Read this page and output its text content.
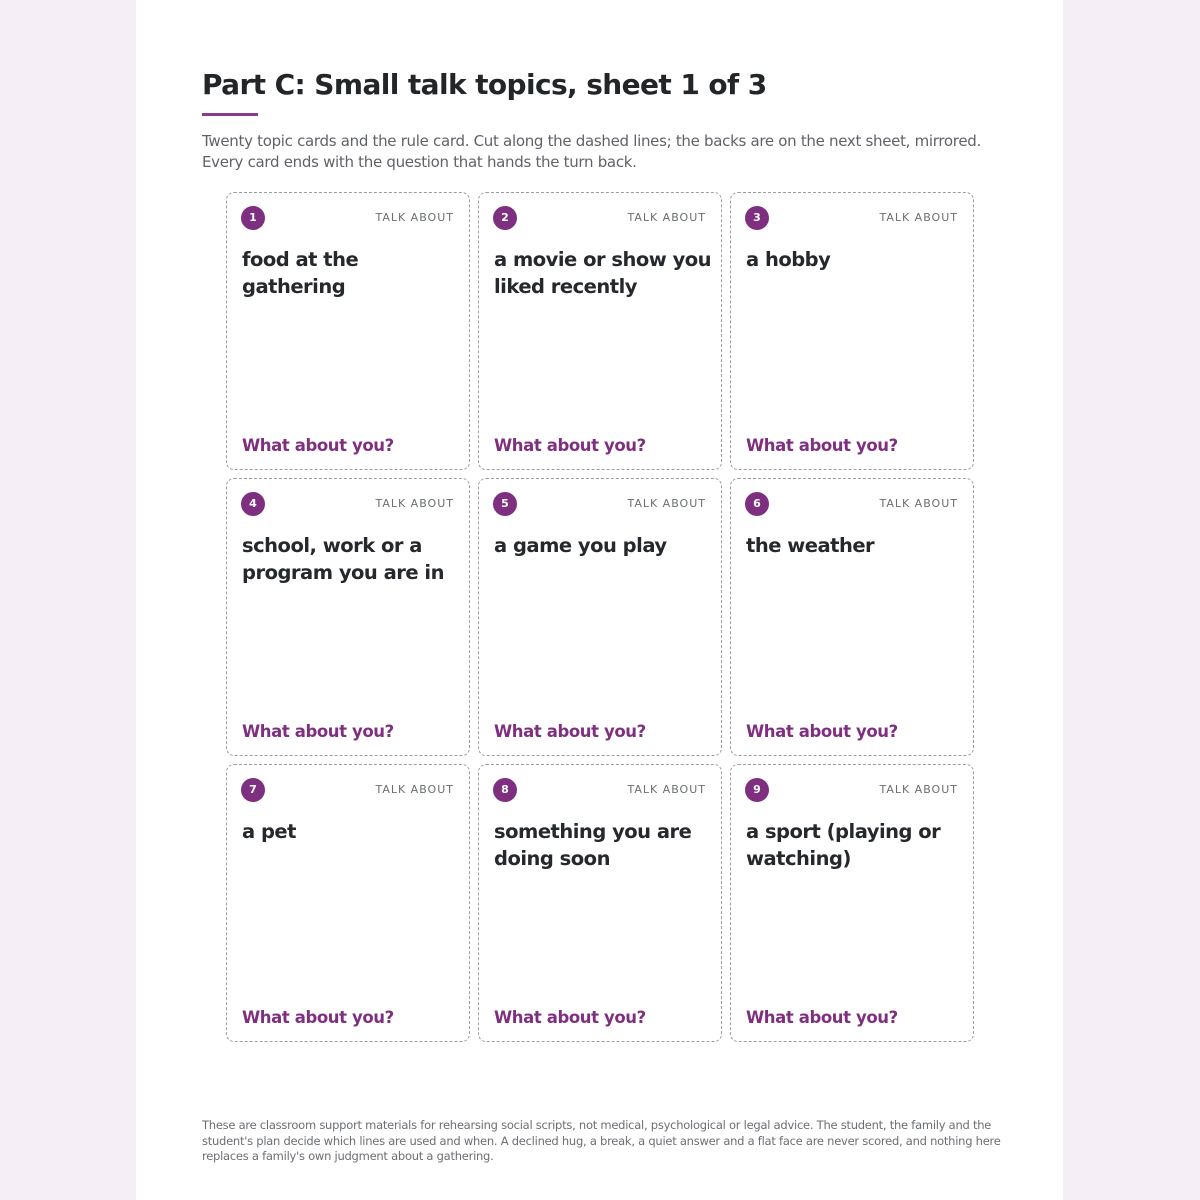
Part C: Small talk topics, sheet 1 of 3

Twenty topic cards and the rule card. Cut along the dashed lines; the backs are on the next sheet, mirrored. Every card ends with the question that hands the turn back.

1	TALK ABOUT
food at the gathering
What about you?
2	TALK ABOUT
a movie or show you liked recently
What about you?
3	TALK ABOUT
a hobby
What about you?
4	TALK ABOUT
school, work or a program you are in
What about you?
5	TALK ABOUT
a game you play
What about you?
6	TALK ABOUT
the weather
What about you?
7	TALK ABOUT
a pet
What about you?
8	TALK ABOUT
something you are doing soon
What about you?
9	TALK ABOUT
a sport (playing or watching)
What about you?

These are classroom support materials for rehearsing social scripts, not medical, psychological or legal advice. The student, the family and the student's plan decide which lines are used and when. A declined hug, a break, a quiet answer and a flat face are never scored, and nothing here replaces a family's own judgment about a gathering.
